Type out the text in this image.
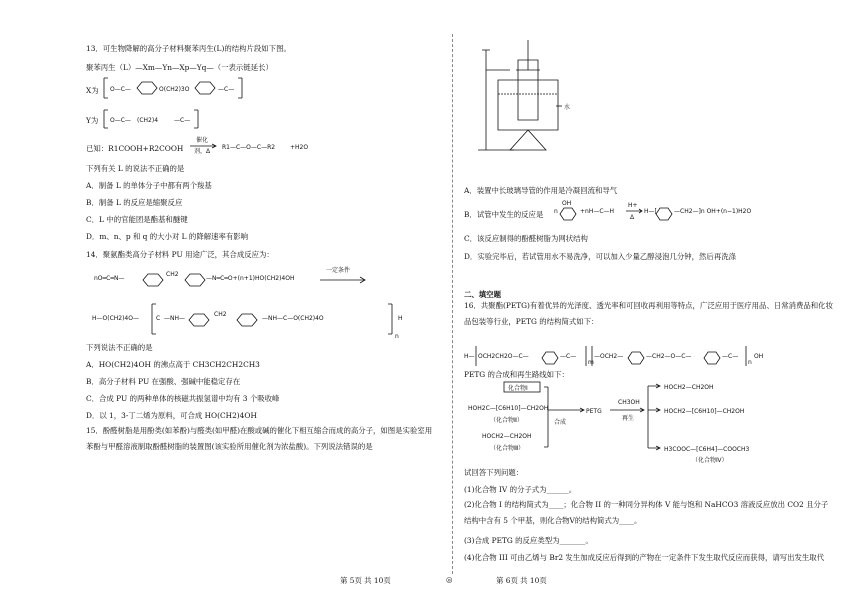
13．可生物降解的高分子材料聚苯丙生(L)的结构片段如下图。
聚苯丙生（L）—Xm—Yn—Xp—Yq—（一表示链延长）
X为 O—C—	O(CH2)3O	—C—
Y为 O—C— (CH2)4	—C—
已知：R1COOH+R2COOH
催化
剂，Δ
R1—C—O—C—R2 +H2O
下列有关 L 的说法不正确的是
A．制备 L 的单体分子中都有两个羧基
B．制备 L 的反应是缩聚反应
C．L 中的官能团是酯基和醚键
D．m、n、p 和 q 的大小对 L 的降解速率有影响
14．聚氨酯类高分子材料 PU 用途广泛，其合成反应为：
nO═C═N—
CH2
—N═C═O+(n+1)HO(CH2)4OH
一定条件
H—O(CH2)4O—	C —NH—
CH2
—NH—C—O(CH2)4O
n
H
下列说法不正确的是
A．HO(CH2)4OH 的沸点高于 CH3CH2CH2CH3
B．高分子材料 PU 在强酸、强碱中能稳定存在
C．合成 PU 的两种单体的核磁共振氢谱中均有 3 个吸收峰
D．以 1，3-丁二烯为原料，可合成 HO(CH2)4OH
15．酚醛树脂是用酚类(如苯酚)与醛类(如甲醛)在酸或碱的催化下相互缩合而成的高分子，如图是实验室用苯酚与甲醛溶液制取酚醛树脂的装置图(该实验所用催化剂为浓盐酸)。下列说法错误的是
水
A．装置中长玻璃导管的作用是冷凝回流和导气
B．试管中发生的反应是 n
OH
+nH—C—H
H+
Δ
H—[	—CH2—]n OH+(n−1)H2O
C．该反应制得的酚醛树脂为网状结构
D．实验完毕后，若试管用水不易洗净，可以加入少量乙醇浸泡几分钟，然后再洗涤
二、填空题
16．共聚酯(PETG)有着优异的光泽度、透光率和可回收再利用等特点，广泛应用于医疗用品、日常消费品和化妆品包装等行业，PETG 的结构简式如下：
H— OCH2CH2O—C—	—C—
m
—OCH2—	—CH2—O—C—	—C—
n
OH
PETG 的合成和再生路线如下：
化合物Ⅰ
HOH2C—[C6H10]—CH2OH
（化合物Ⅱ）
HOCH2—CH2OH
（化合物Ⅲ）
合成
PETG
CH3OH
再生
HOCH2—CH2OH
HOCH2—[C6H10]—CH2OH
H3COOC—[C6H4]—COOCH3
（化合物Ⅳ）
试回答下列问题：
(1)化合物 IV 的分子式为______。
(2)化合物 I 的结构简式为____；化合物 II 的一种同分异构体 V 能与饱和 NaHCO3 溶液反应放出 CO2 且分子结构中含有 5 个甲基，则化合物V的结构简式为____。
(3)合成 PETG 的反应类型为_______。
(4)化合物 III 可由乙烯与 Br2 发生加成反应后得到的产物在一定条件下发生取代反应而获得，请写出发生取代
第 5页 共 10页	◎	第 6页 共 10页
